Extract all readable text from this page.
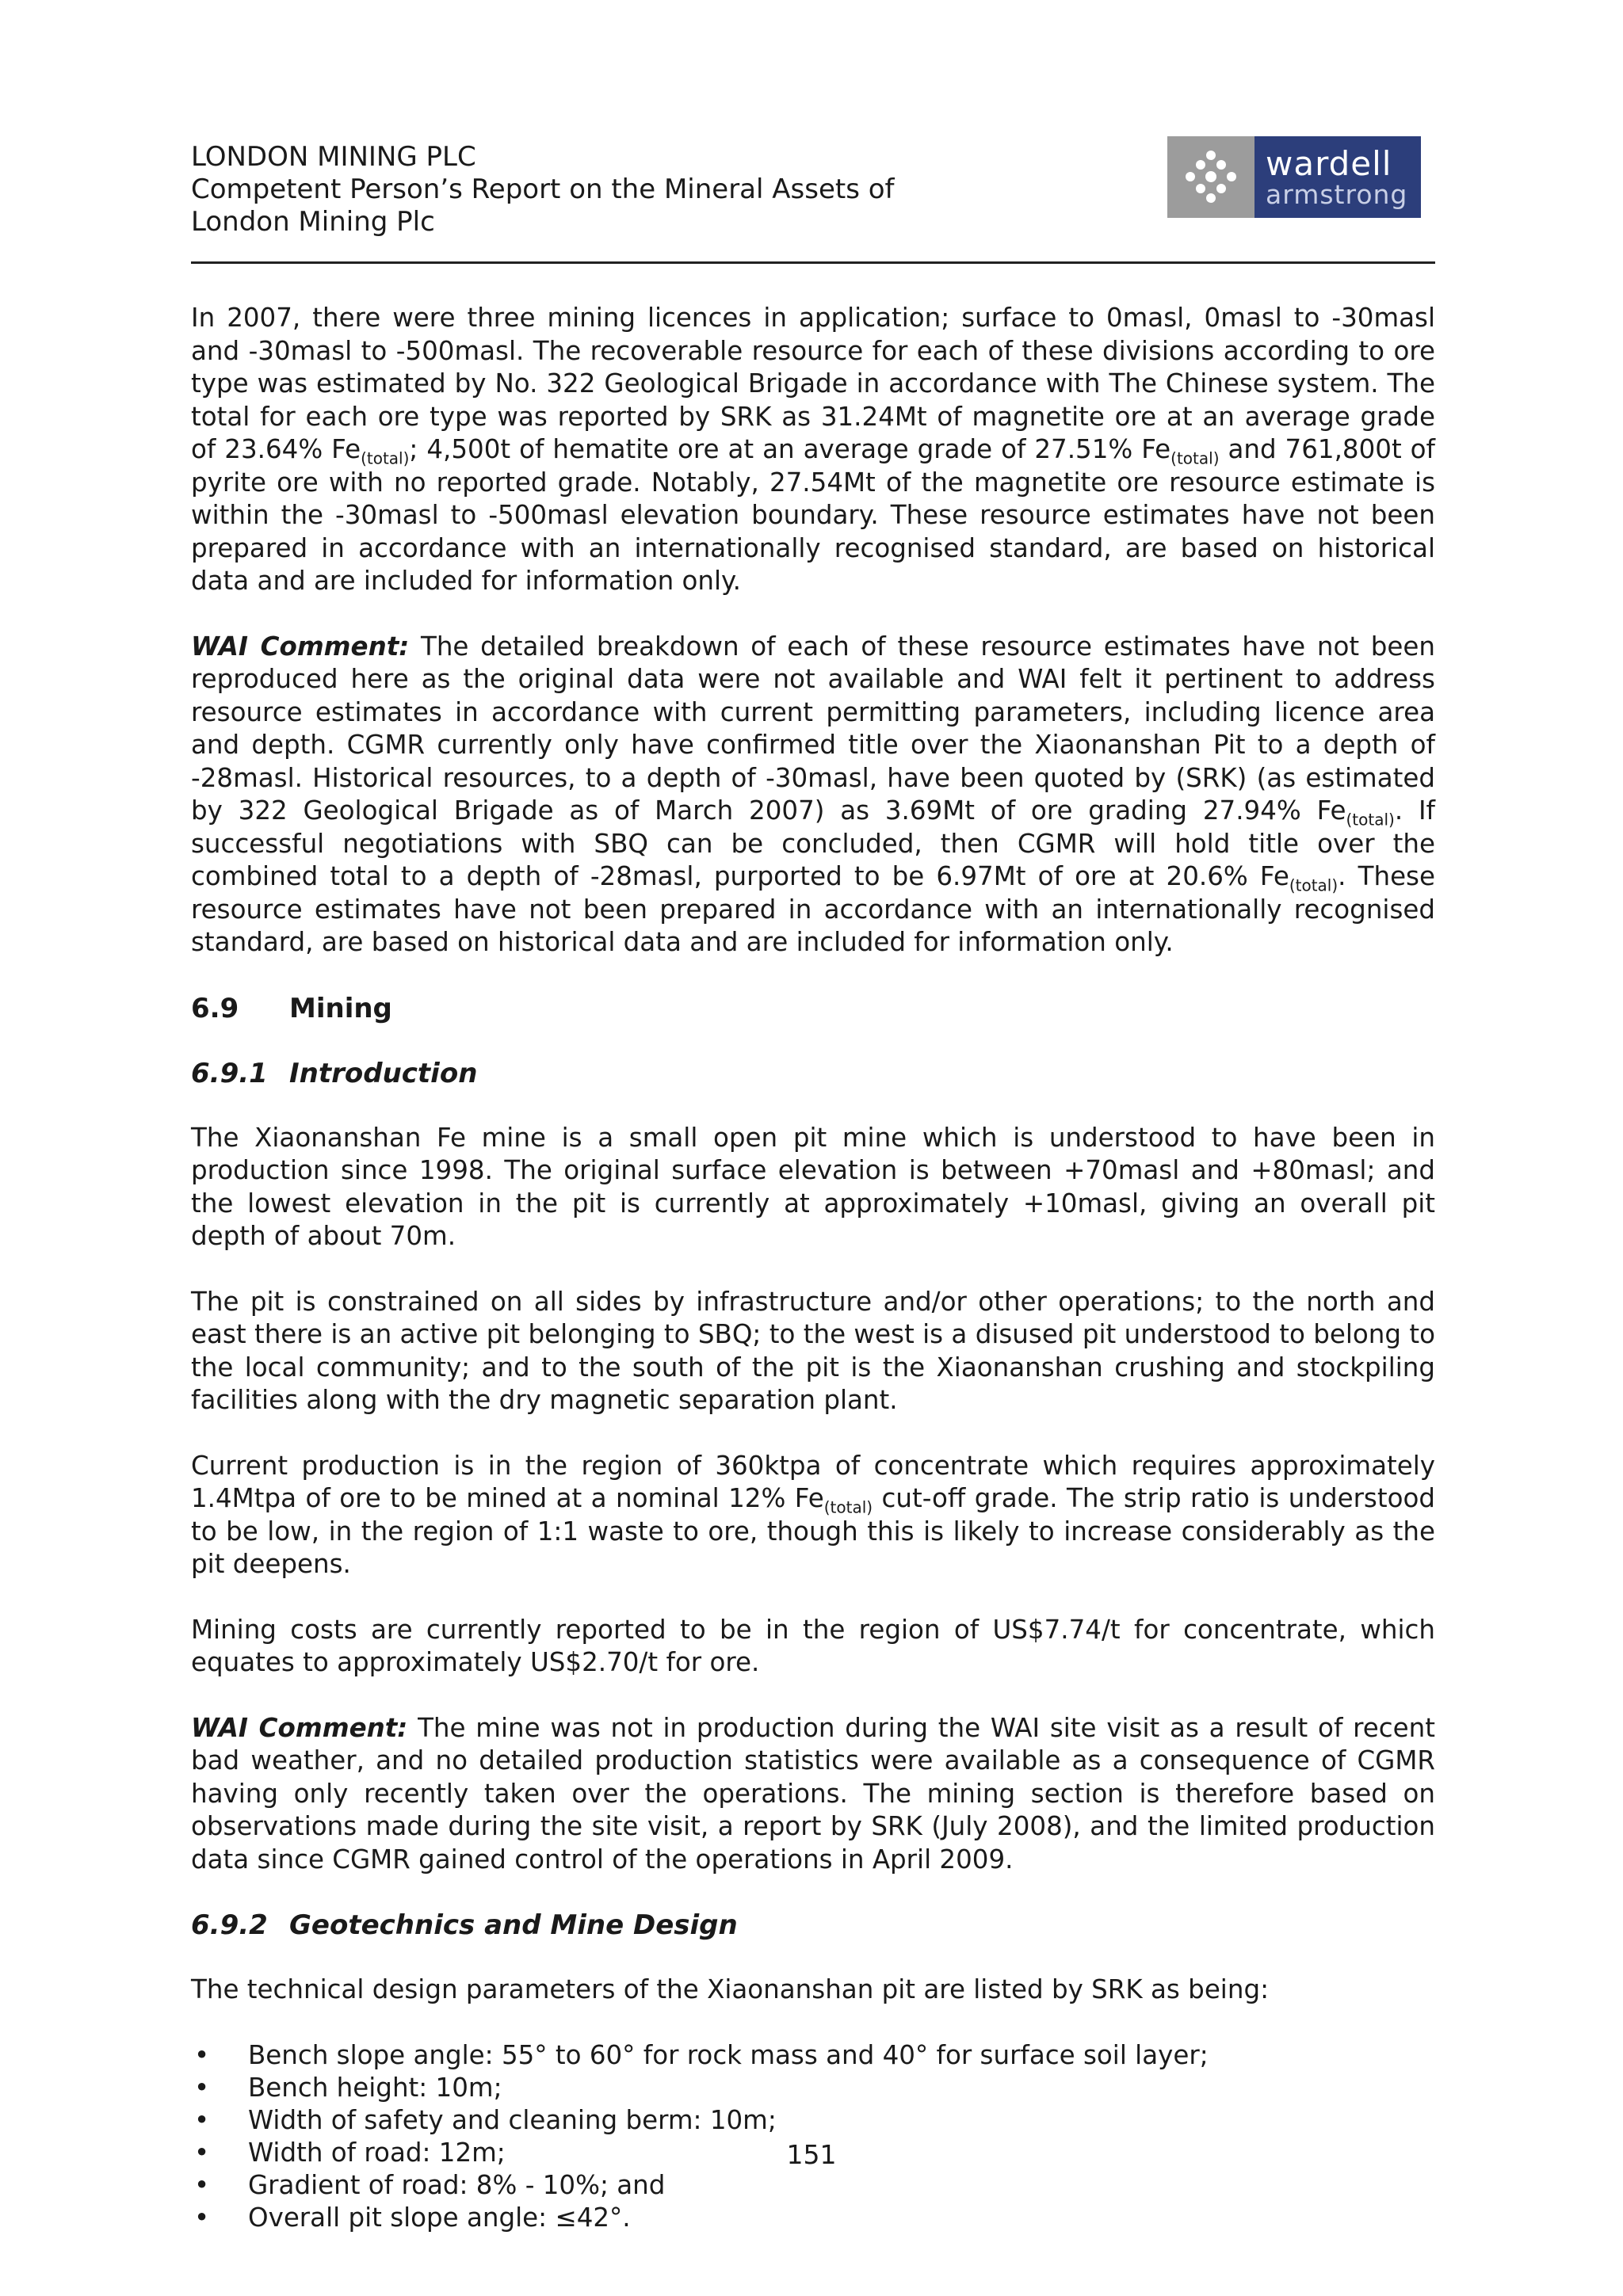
LONDON MINING PLC
Competent Person’s Report on the Mineral Assets of
London Mining Plc
wardell
armstrong

In 2007, there were three mining licences in application; surface to 0masl, 0masl to -30masl and -30masl to -500masl. The recoverable resource for each of these divisions according to ore type was estimated by No. 322 Geological Brigade in accordance with The Chinese system. The total for each ore type was reported by SRK as 31.24Mt of magnetite ore at an average grade of 23.64% $Fe_{(total)}$; 4,500t of hematite ore at an average grade of 27.51% $Fe_{(total)}$ and 761,800t of pyrite ore with no reported grade. Notably, 27.54Mt of the magnetite ore resource estimate is within the -30masl to -500masl elevation boundary. These resource estimates have not been prepared in accordance with an internationally recognised standard, are based on historical data and are included for information only.

WAI Comment: The detailed breakdown of each of these resource estimates have not been reproduced here as the original data were not available and WAI felt it pertinent to address resource estimates in accordance with current permitting parameters, including licence area and depth. CGMR currently only have confirmed title over the Xiaonanshan Pit to a depth of -28masl. Historical resources, to a depth of -30masl, have been quoted by (SRK) (as estimated by 322 Geological Brigade as of March 2007) as 3.69Mt of ore grading 27.94% $Fe_{(total)}$. If successful negotiations with SBQ can be concluded, then CGMR will hold title over the combined total to a depth of -28masl, purported to be 6.97Mt of ore at 20.6% $Fe_{(total)}$. These resource estimates have not been prepared in accordance with an internationally recognised standard, are based on historical data and are included for information only.

6.9	Mining
6.9.1 Introduction

The Xiaonanshan Fe mine is a small open pit mine which is understood to have been in production since 1998. The original surface elevation is between +70masl and +80masl; and the lowest elevation in the pit is currently at approximately +10masl, giving an overall pit depth of about 70m.

The pit is constrained on all sides by infrastructure and/or other operations; to the north and east there is an active pit belonging to SBQ; to the west is a disused pit understood to belong to the local community; and to the south of the pit is the Xiaonanshan crushing and stockpiling facilities along with the dry magnetic separation plant.

Current production is in the region of 360ktpa of concentrate which requires approximately 1.4Mtpa of ore to be mined at a nominal 12% $Fe_{(total)}$ cut-off grade. The strip ratio is understood to be low, in the region of 1:1 waste to ore, though this is likely to increase considerably as the pit deepens.

Mining costs are currently reported to be in the region of US$7.74/t for concentrate, which equates to approximately US$2.70/t for ore.

WAI Comment: The mine was not in production during the WAI site visit as a result of recent bad weather, and no detailed production statistics were available as a consequence of CGMR having only recently taken over the operations. The mining section is therefore based on observations made during the site visit, a report by SRK (July 2008), and the limited production data since CGMR gained control of the operations in April 2009.

6.9.2 Geotechnics and Mine Design

The technical design parameters of the Xiaonanshan pit are listed by SRK as being:

•	Bench slope angle: 55° to 60° for rock mass and 40° for surface soil layer;
•	Bench height: 10m;
•	Width of safety and cleaning berm: 10m;
•	Width of road: 12m;
•	Gradient of road: 8% - 10%; and
•	Overall pit slope angle: ≤42°.
151
